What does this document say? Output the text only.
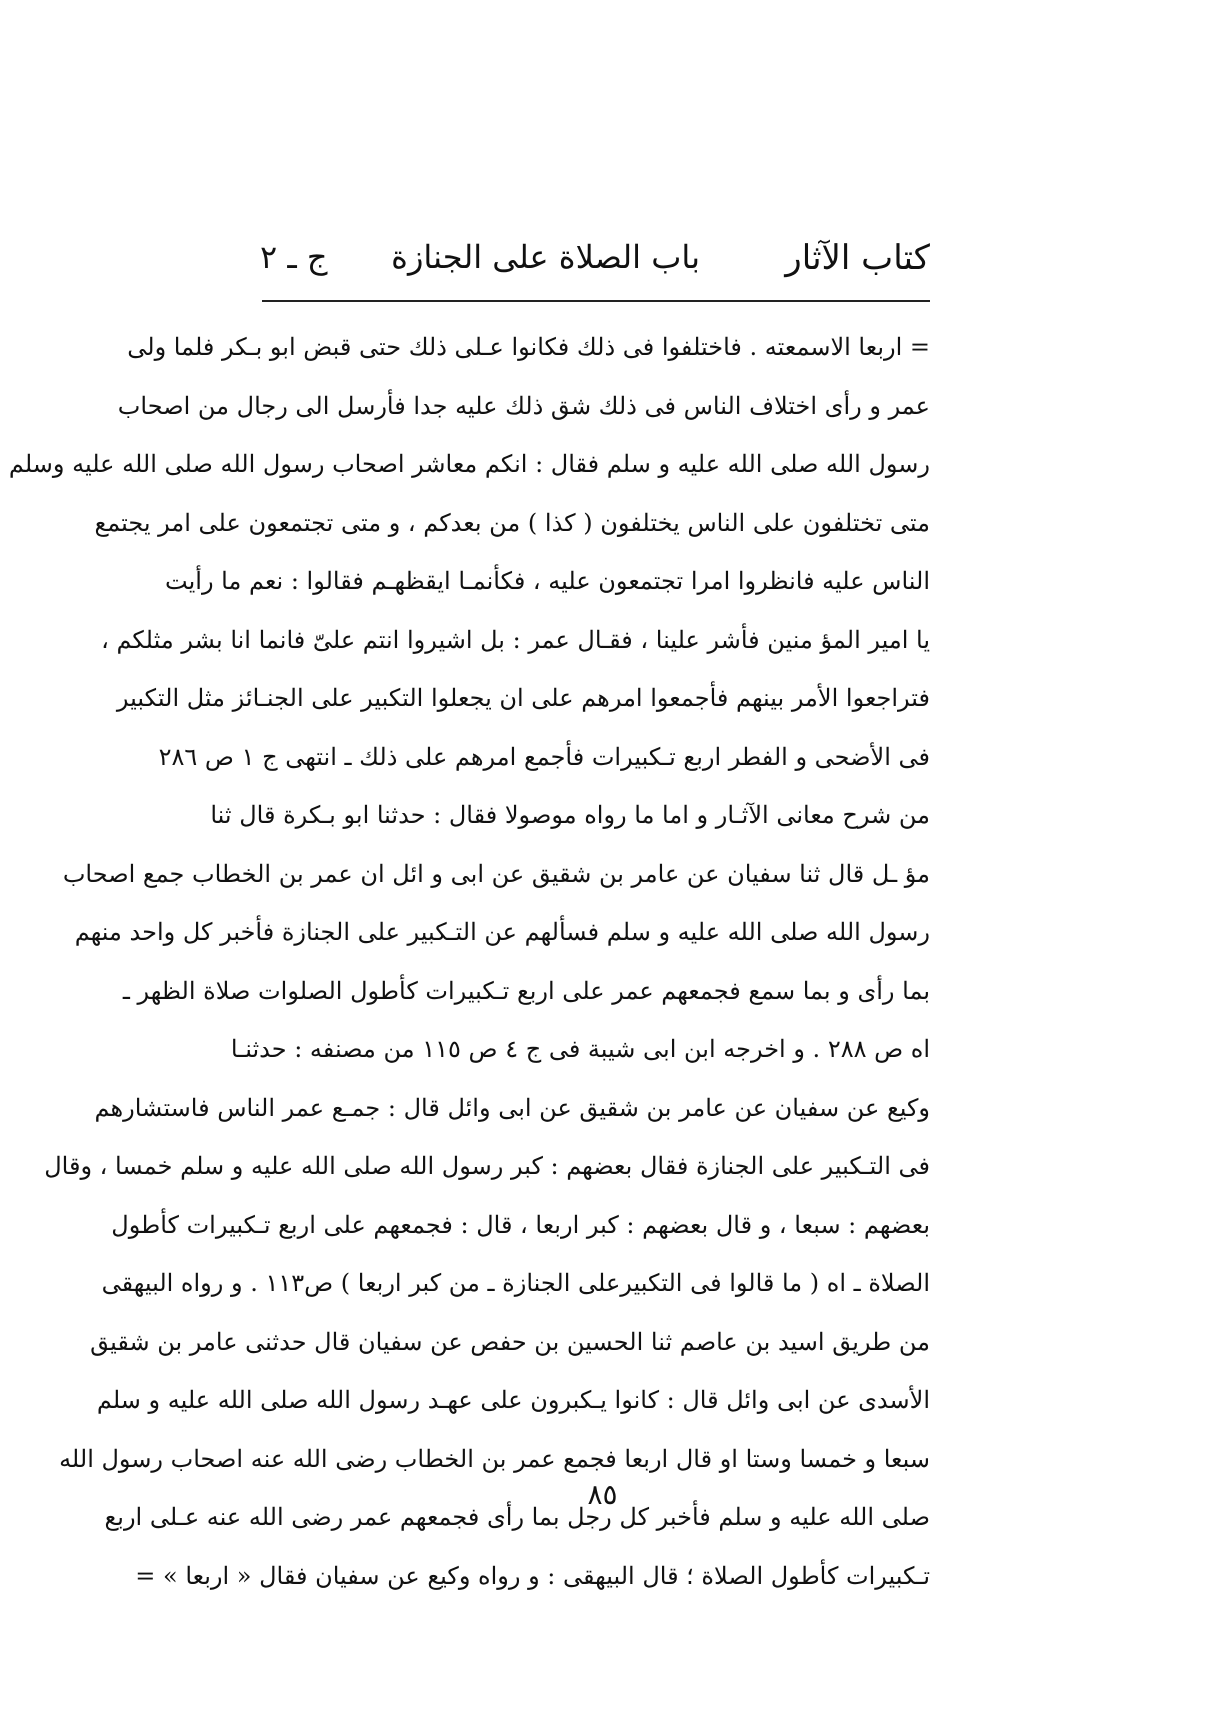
كتاب الآثار
باب الصلاة على الجنازة
ج ـ ٢
= اربعا الاسمعته . فاختلفوا فى ذلك فكانوا عـلى ذلك حتى قبض ابو بـكر فلما ولى
عمر و رأى اختلاف الناس فى ذلك شق ذلك عليه جدا فأرسل الى رجال من اصحاب
رسول الله صلى الله عليه و سلم فقال : انكم معاشر اصحاب رسول الله صلى الله عليه وسلم
متى تختلفون على الناس يختلفون ( كذا ) من بعدكم ، و متى تجتمعون على امر يجتمع
الناس عليه فانظروا امرا تجتمعون عليه ، فكأنمـا ايقظهـم فقالوا : نعم ما رأيت
يا امير المؤ منين فأشر علينا ، فقـال عمر : بل اشيروا انتم علىّ فانما انا بشر مثلكم ،
فتراجعوا الأمر بينهم فأجمعوا امرهم على ان يجعلوا التكبير على الجنـائز مثل التكبير
فى الأضحى و الفطر اربع تـكبيرات فأجمع امرهم على ذلك ـ انتهى ج ١ ص ٢٨٦
من شرح معانى الآثـار و اما ما رواه موصولا فقال : حدثنا ابو بـكرة قال ثنا
مؤ ـل قال ثنا سفيان عن عامر بن شقيق عن ابى و ائل ان عمر بن الخطاب جمع اصحاب
رسول الله صلى الله عليه و سلم فسألهم عن التـكبير على الجنازة فأخبر كل واحد منهم
بما رأى و بما سمع فجمعهم عمر على اربع تـكبيرات كأطول الصلوات صلاة الظهر ـ
اه ص ٢٨٨ . و اخرجه ابن ابى شيبة فى ج ٤ ص ١١٥ من مصنفه : حدثنـا
وكيع عن سفيان عن عامر بن شقيق عن ابى وائل قال : جمـع عمر الناس فاستشارهم
فى التـكبير على الجنازة فقال بعضهم : كبر رسول الله صلى الله عليه و سلم خمسا ، وقال
بعضهم : سبعا ، و قال بعضهم : كبر اربعا ، قال : فجمعهم على اربع تـكبيرات كأطول
الصلاة ـ اه ( ما قالوا فى التكبيرعلى الجنازة ـ من كبر اربعا ) ص١١٣ . و رواه البيهقى
من طريق اسيد بن عاصم ثنا الحسين بن حفص عن سفيان قال حدثنى عامر بن شقيق
الأسدى عن ابى وائل قال : كانوا يـكبرون على عهـد رسول الله صلى الله عليه و سلم
سبعا و خمسا وستا او قال اربعا فجمع عمر بن الخطاب رضى الله عنه اصحاب رسول الله
صلى الله عليه و سلم فأخبر كل رجل بما رأى فجمعهم عمر رضى الله عنه عـلى اربع
تـكبيرات كأطول الصلاة ؛ قال البيهقى : و رواه وكيع عن سفيان فقال « اربعا » =
٨٥
